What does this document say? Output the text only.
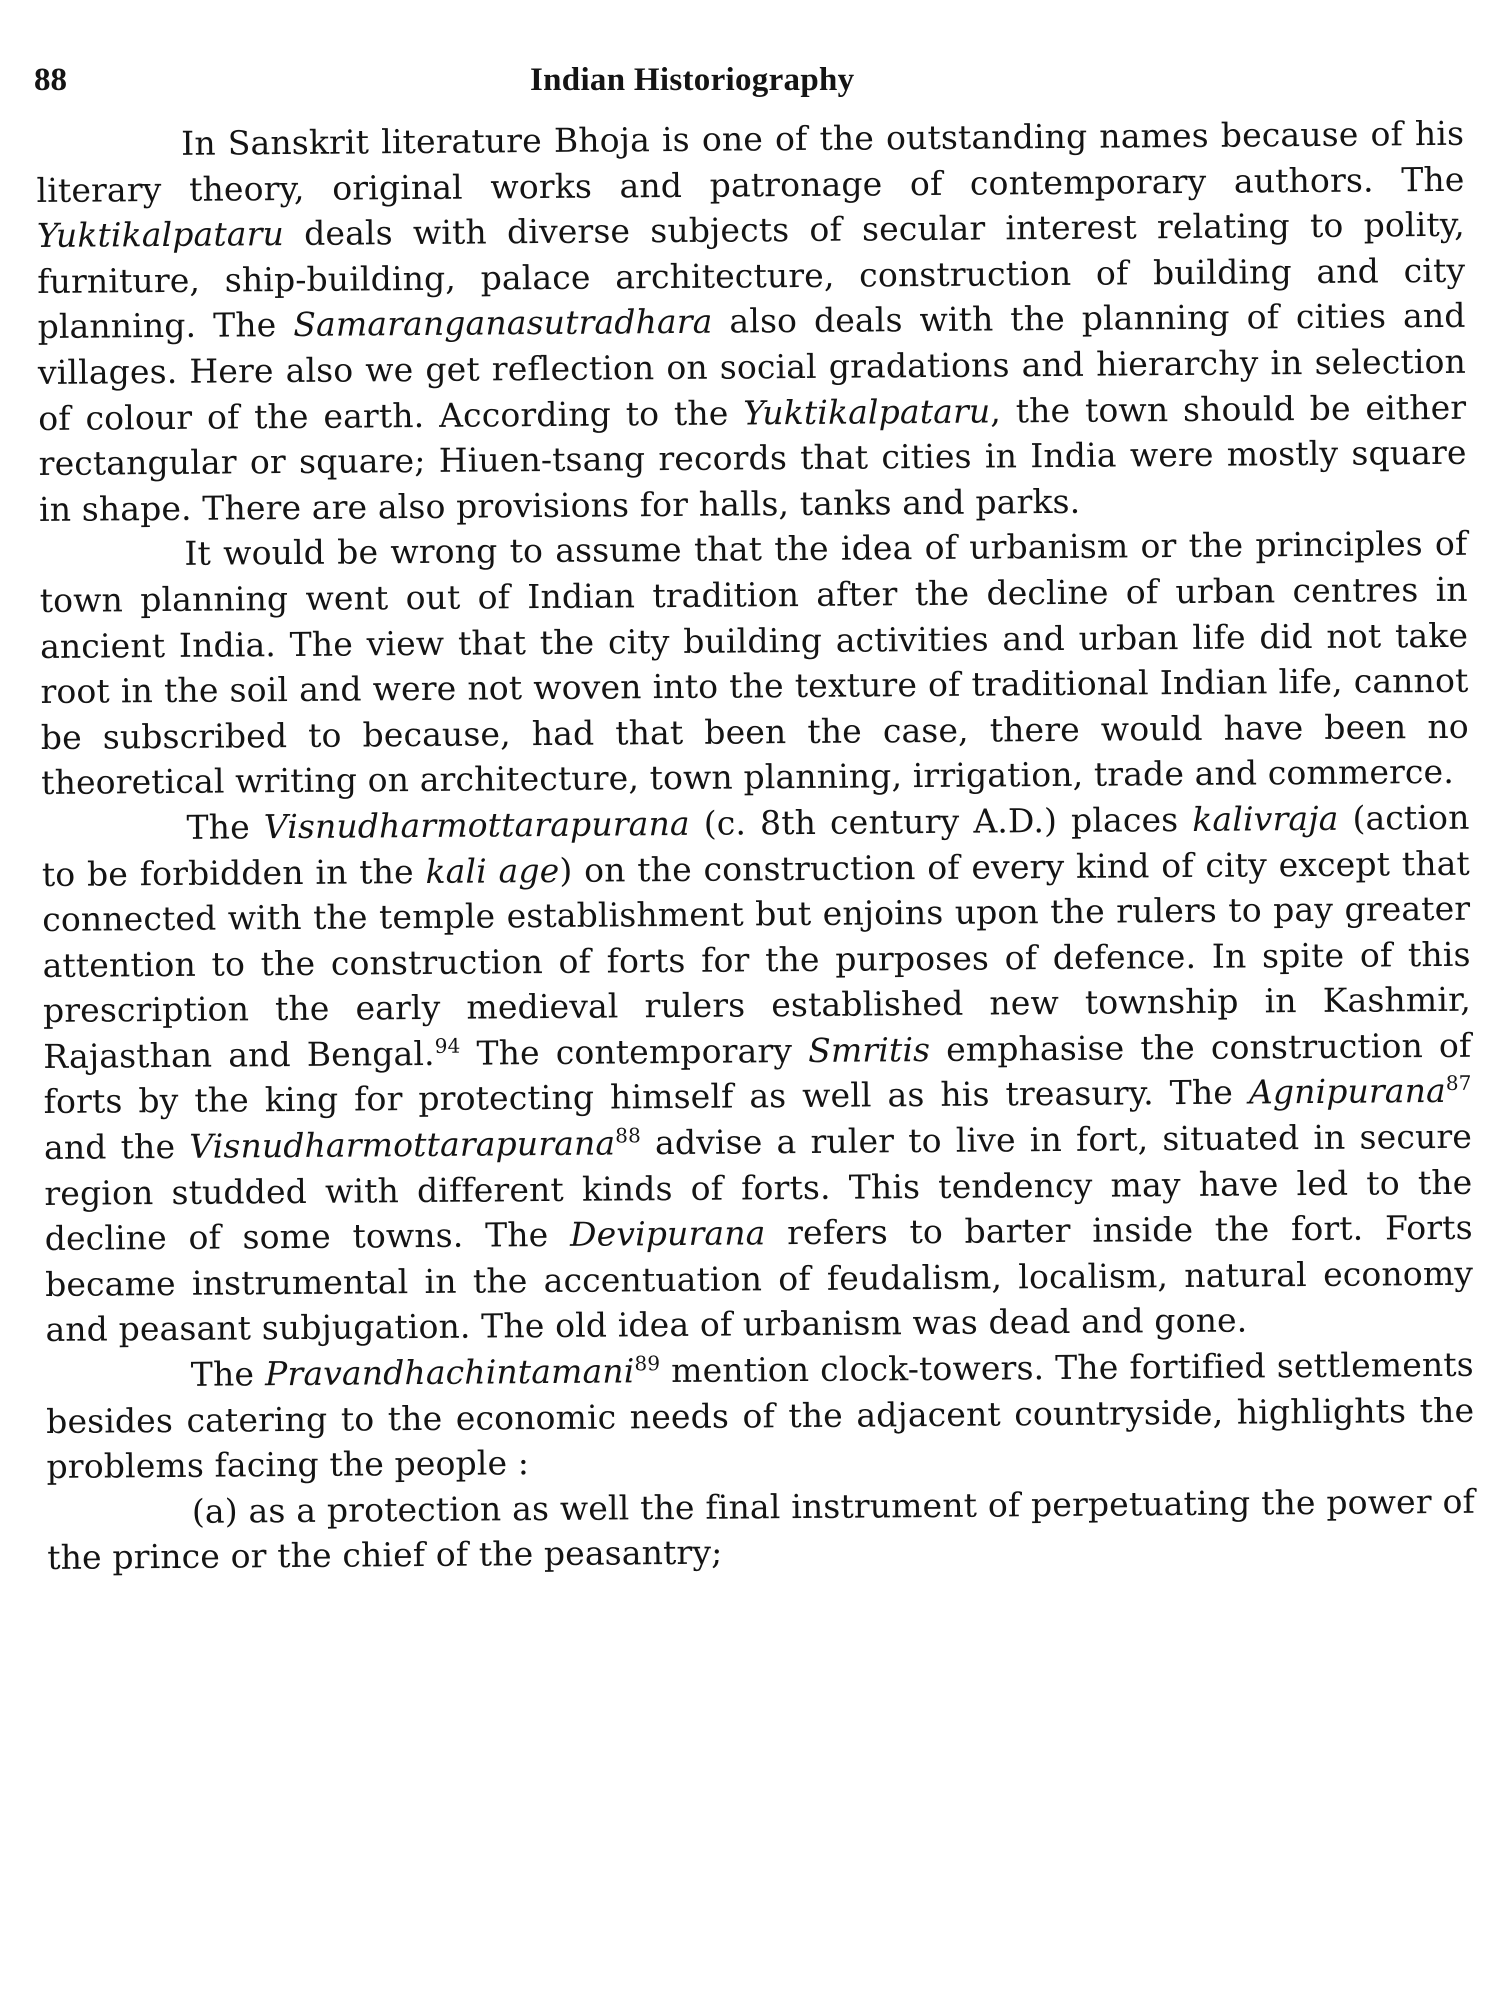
88	Indian Historiography

In Sanskrit literature Bhoja is one of the outstanding names because of his literary theory, original works and patronage of contemporary authors. The Yuktikalpataru deals with diverse subjects of secular interest relating to polity, furniture, ship-building, palace architecture, construction of building and city planning. The Samaranganasutradhara also deals with the planning of cities and villages. Here also we get reflection on social gradations and hierarchy in selection of colour of the earth. According to the Yuktikalpataru, the town should be either rectangular or square; Hiuen-tsang records that cities in India were mostly square in shape. There are also provisions for halls, tanks and parks.

It would be wrong to assume that the idea of urbanism or the principles of town planning went out of Indian tradition after the decline of urban centres in ancient India. The view that the city building activities and urban life did not take root in the soil and were not woven into the texture of traditional Indian life, cannot be subscribed to because, had that been the case, there would have been no theoretical writing on architecture, town planning, irrigation, trade and commerce.

The Visnudharmottarapurana (c. 8th century A.D.) places kalivraja (action to be forbidden in the kali age) on the construction of every kind of city except that connected with the temple establishment but enjoins upon the rulers to pay greater attention to the construction of forts for the purposes of defence. In spite of this prescription the early medieval rulers established new township in Kashmir, Rajasthan and Bengal.$^{94}$ The contemporary Smritis emphasise the construction of forts by the king for protecting himself as well as his treasury. The Agnipurana$^{87}$ and the Visnudharmottarapurana$^{88}$ advise a ruler to live in fort, situated in secure region studded with different kinds of forts. This tendency may have led to the decline of some towns. The Devipurana refers to barter inside the fort. Forts became instrumental in the accentuation of feudalism, localism, natural economy and peasant subjugation. The old idea of urbanism was dead and gone.

The Pravandhachintamani$^{89}$ mention clock-towers. The fortified settlements besides catering to the economic needs of the adjacent countryside, highlights the problems facing the people :

(a) as a protection as well the final instrument of perpetuating the power of the prince or the chief of the peasantry;
